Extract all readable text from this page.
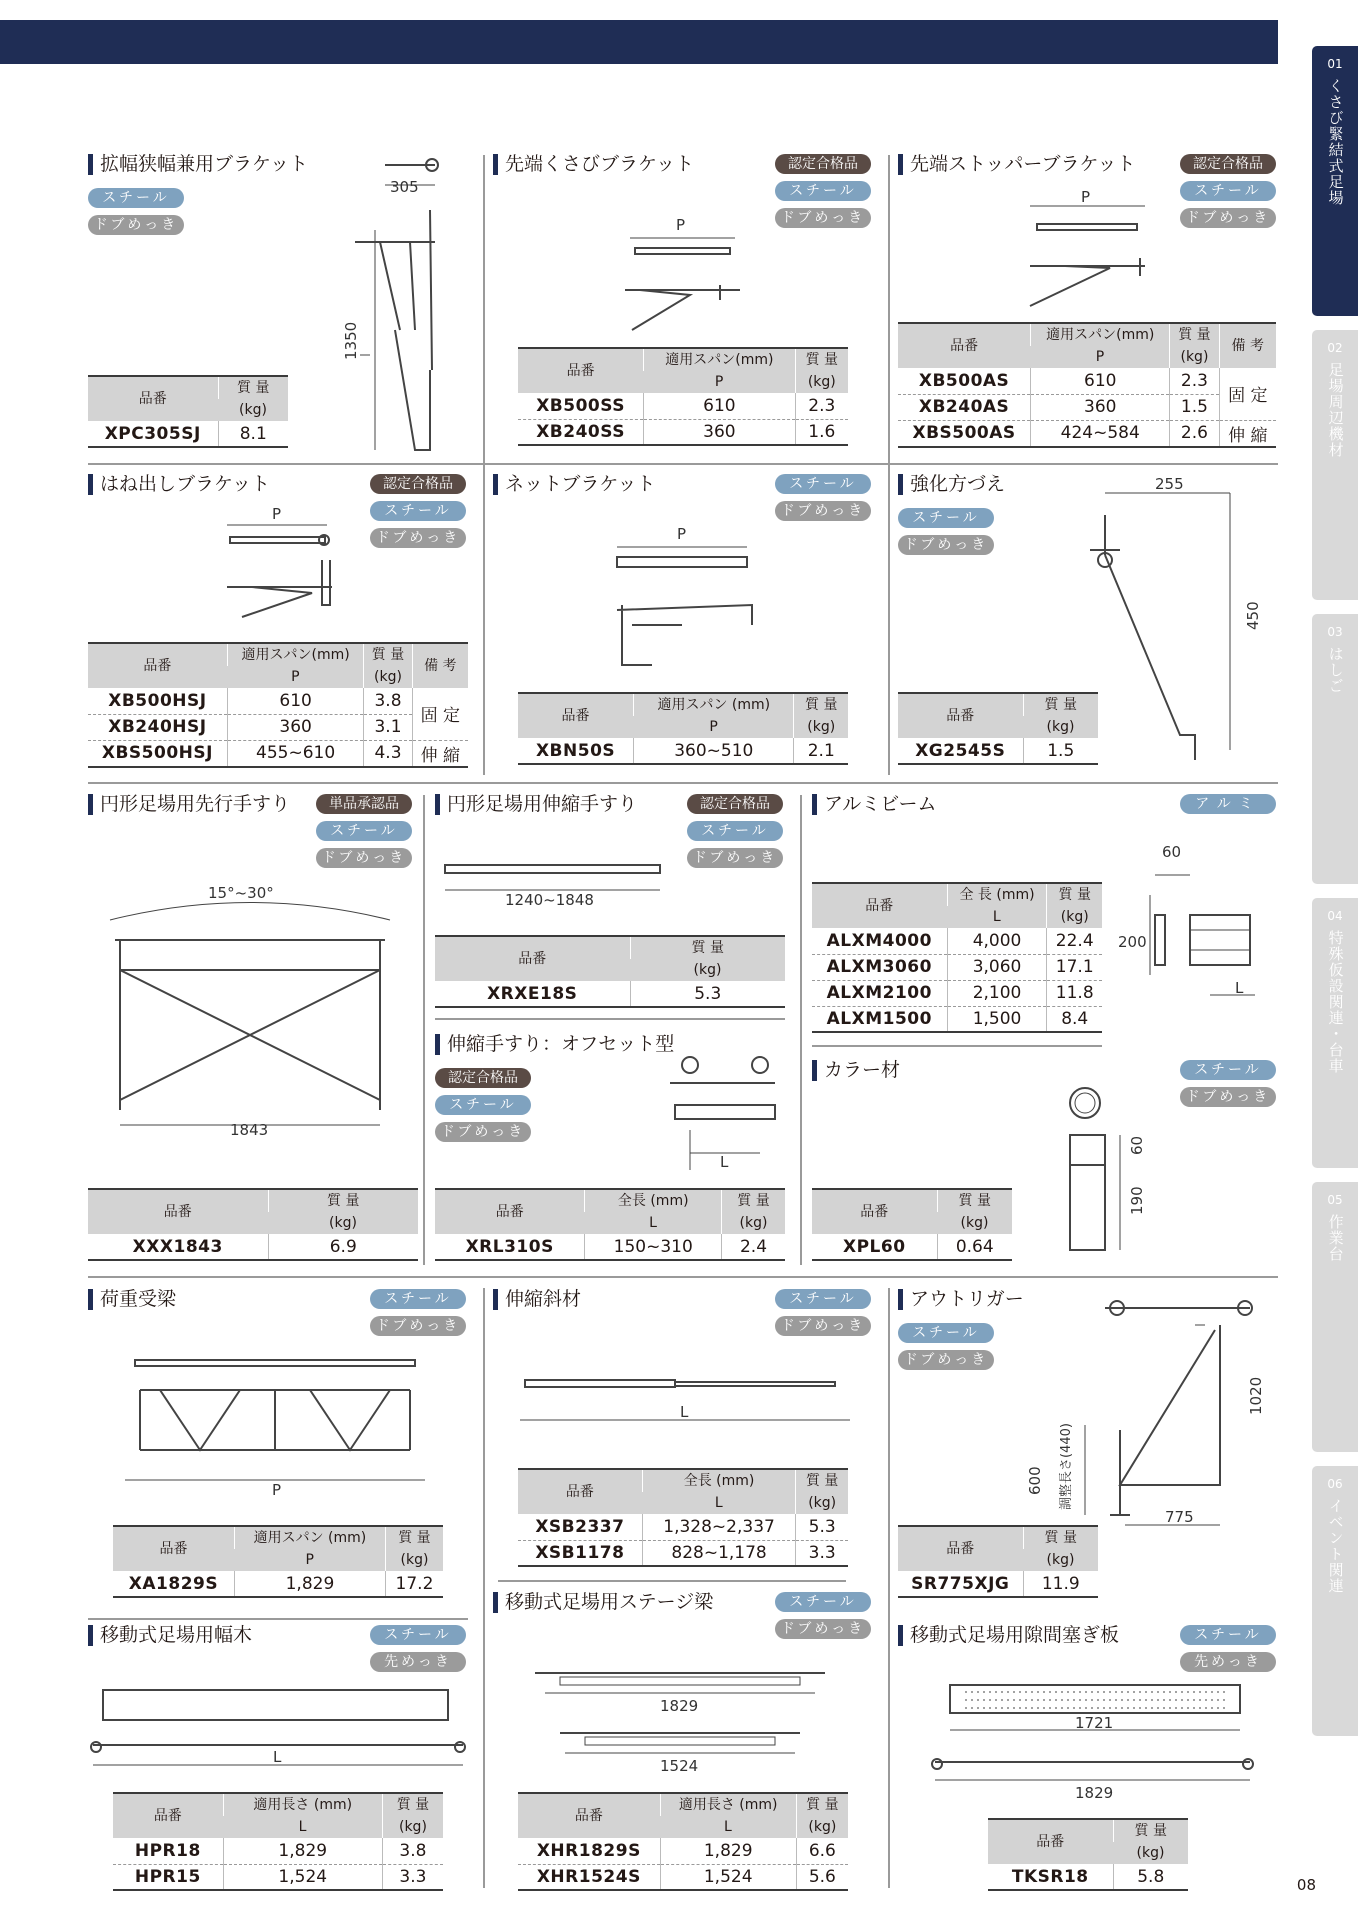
01
くさび緊結式足場
02
足場周辺機材
03
はしご
04
特殊仮設関連・台車
05
作業台
06
イベント関連
08
拡幅狭幅兼用ブラケット
スチール
ドブめっき
305
1350
品番	質 量
	(kg)
XPC305SJ	8.1
先端くさびブラケット	認定合格品
スチール
ドブめっき
P
品番	適用スパン(mm)	質 量
	P	(kg)
XB500SS	610	2.3
XB240SS	360	1.6
先端ストッパーブラケット	認定合格品
スチール
ドブめっき
P
品番	適用スパン(mm)	質 量	備 考
	P	(kg)	
XB500AS	610	2.3	固 定
XB240AS	360	1.5	
XBS500AS	424~584	2.6	伸 縮
はね出しブラケット	認定合格品
スチール
ドブめっき
P
品番	適用スパン(mm)	質 量	備 考
	P	(kg)	
XB500HSJ	610	3.8	固 定
XB240HSJ	360	3.1	
XBS500HSJ	455~610	4.3	伸 縮
ネットブラケット	スチール
ドブめっき
P
品番	適用スパン (mm)	質 量
	P	(kg)
XBN50S	360~510	2.1
強化方づえ
スチール
ドブめっき
255
450
品番	質 量
	(kg)
XG2545S	1.5
円形足場用先行手すり	単品承認品
スチール
ドブめっき
15°~30°
1843
品番	質 量
	(kg)
XXX1843	6.9
円形足場用伸縮手すり	認定合格品
スチール
ドブめっき
1240~1848
品番	質 量
	(kg)
XRXE18S	5.3
伸縮手すり：オフセット型
認定合格品
スチール
ドブめっき
L
品番	全長 (mm)	質 量
	L	(kg)
XRL310S	150~310	2.4
アルミビーム	アルミ
60
200
L
品番	全 長 (mm)	質 量
	L	(kg)
ALXM4000	4,000	22.4
ALXM3060	3,060	17.1
ALXM2100	2,100	11.8
ALXM1500	1,500	8.4
カラー材	スチール
ドブめっき
60
190
品番	質 量
	(kg)
XPL60	0.64
荷重受梁	スチール
ドブめっき
P
品番	適用スパン (mm)	質 量
	P	(kg)
XA1829S	1,829	17.2
伸縮斜材	スチール
ドブめっき
L
品番	全長 (mm)	質 量
	L	(kg)
XSB2337	1,328~2,337	5.3
XSB1178	828~1,178	3.3
アウトリガー
スチール
ドブめっき
1020
600 調整長さ(440)
775
品番	質 量
	(kg)
SR775XJG	11.9
移動式足場用幅木	スチール
先めっき
L
品番	適用長さ (mm)	質 量
	L	(kg)
HPR18	1,829	3.8
HPR15	1,524	3.3
移動式足場用ステージ梁	スチール
ドブめっき
1829
1524
品番	適用長さ (mm)	質 量
	L	(kg)
XHR1829S	1,829	6.6
XHR1524S	1,524	5.6
移動式足場用隙間塞ぎ板	スチール
先めっき
1721
1829
品番	質 量
	(kg)
TKSR18	5.8
